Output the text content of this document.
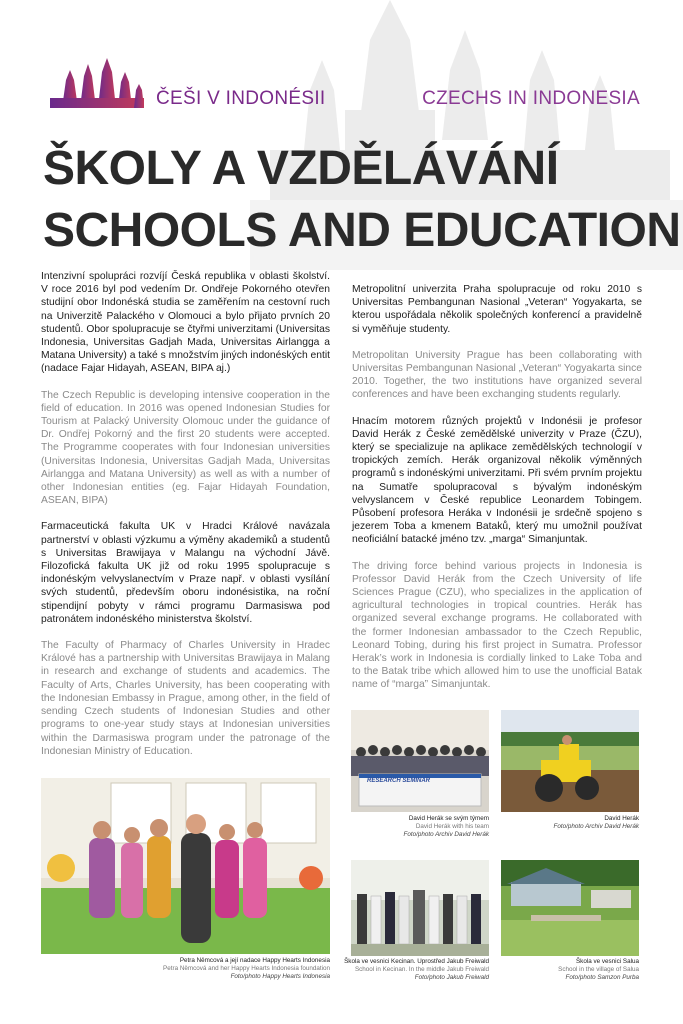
ČEŠI V INDONÉSII	CZECHS IN INDONESIA
ŠKOLY A VZDĚLÁVÁNÍ
SCHOOLS AND EDUCATION

Intenzivní spolupráci rozvíjí Česká republika v oblasti školství. V roce 2016 byl pod vedením Dr. Ondřeje Pokorného otevřen studijní obor Indonéská studia se zaměřením na cestovní ruch na Univerzitě Palackého v Olomouci a bylo přijato prvních 20 studentů. Obor spolupracuje se čtyřmi univerzitami (Universitas Indonesia, Universitas Gadjah Mada, Universitas Airlangga a Matana University) a také s množstvím jiných indonéských entit (nadace Fajar Hidayah, ASEAN, BIPA aj.)

The Czech Republic is developing intensive cooperation in the field of education. In 2016 was opened Indonesian Studies for Tourism at Palacký University Olomouc under the guidance of Dr. Ondřej Pokorný and the first 20 students were accepted. The Programme cooperates with four Indonesian universities (Universitas Indonesia, Universitas Gadjah Mada, Universitas Airlangga and Matana University) as well as with a number of other Indonesian entities (eg. Fajar Hidayah Foundation, ASEAN, BIPA)

Farmaceutická fakulta UK v Hradci Králové navázala partnerství v oblasti výzkumu a výměny akademiků a studentů s Universitas Brawijaya v Malangu na východní Jávě. Filozofická fakulta UK již od roku 1995 spolupracuje s indonéským velvyslanectvím v Praze např. v oblasti vysílání svých studentů, především oboru indonésistika, na roční stipendijní pobyty v rámci programu Darmasiswa pod patronátem indonéského ministerstva školství.

The Faculty of Pharmacy of Charles University in Hradec Králové has a partnership with Universitas Brawijaya in Malang in research and exchange of students and academics. The Faculty of Arts, Charles University, has been cooperating with the Indonesian Embassy in Prague, among other, in the field of sending Czech students of Indonesian Studies and other programs to one-year study stays at Indonesian universities within the Darmasiswa program under the patronage of the Indonesian Ministry of Education.

Metropolitní univerzita Praha spolupracuje od roku 2010 s Universitas Pembangunan Nasional „Veteran“ Yogyakarta, se kterou uspořádala několik společných konferencí a pravidelně si vyměňuje studenty.

Metropolitan University Prague has been collaborating with Universitas Pembangunan Nasional „Veteran“ Yogyakarta since 2010. Together, the two institutions have organized several conferences and have been exchanging students regularly.

Hnacím motorem různých projektů v Indonésii je profesor David Herák z České zemědělské univerzity v Praze (ČZU), který se specializuje na aplikace zemědělských technologií v tropických zemích. Herák organizoval několik výměnných programů s indonéskými univerzitami. Při svém prvním projektu na Sumatře spolupracoval s bývalým indonéským velvyslancem v České republice Leonardem Tobingem. Působení profesora Heráka v Indonésii je srdečně spojeno s jezerem Toba a kmenem Bataků, který mu umožnil používat neoficiální batacké jméno tzv. „marga“ Simanjuntak.

The driving force behind various projects in Indonesia is Professor David Herák from the Czech University of life Sciences Prague (CZU), who specializes in the application of agricultural technologies in tropical countries. Herák has organized several exchange programs. He collaborated with the former Indonesian ambassador to the Czech Republic, Leonard Tobing, during his first project in Sumatra. Professor Herak’s work in Indonesia is cordially linked to Lake Toba and to the Batak tribe which allowed him to use the unofficial Batak name of “marga” Simanjuntak.

Petra Němcová a její nadace Happy Hearts Indonesia
Petra Němcová and her Happy Hearts Indonesia foundation
Foto/photo Happy Hearts Indonesia
RESEARCH SEMINAR
David Herák se svým týmem
David Herák with his team
Foto/photo Archiv David Herák
David Herák
Foto/photo Archiv David Herák
Škola ve vesnici Kecinan. Uprostřed Jakub Freiwald
School in Kecinan. In the middle Jakub Freiwald
Foto/photo Jakub Freiwald
Škola ve vesnici Salua
School in the village of Salua
Foto/photo Samzon Purba
